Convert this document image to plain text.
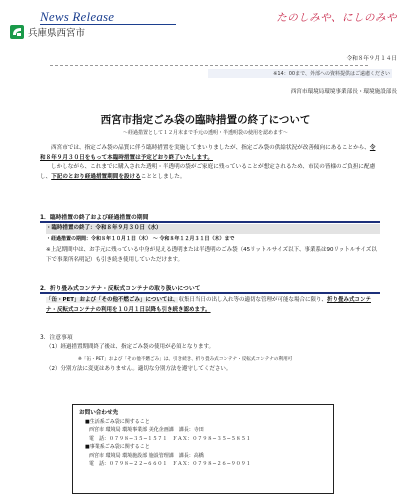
News Release
兵庫県西宮市
たのしみや、にしのみや
令和８年９月１４日
※14：00まで、外部への資料提供はご遠慮ください
西宮市環境局環境事業部長・環境施設部長
西宮市指定ごみ袋の臨時措置の終了について
～経過措置として１２月末まで手元の透明・半透明袋の使用を認めます～

西宮市では、指定ごみ袋の品質に伴う臨時措置を実施してまいりましたが、指定ごみ袋の供給状況が改善傾向にあることから、令和８年９月３０日をもって本臨時措置は予定どおり終了いたします。

しかしながら、これまでに購入された透明・半透明の袋がご家庭に残っていることが想定されるため、市民の皆様のご負担に配慮し、下記のとおり経過措置期間を設けることとしました。

1．臨時措置の終了および経過措置の期間
・臨時措置の終了：令和８年９月３０日（水）
・経過措置の期間：令和８年１０月１日（木） ～ 令和８年１２月３１日（木）まで
※上記期間中は、お手元に残っている中身が見える透明または半透明のごみ袋（45リットルサイズ以下、事業系は90リットルサイズ以下で事業所名明記）も引き続き使用していただけます。
2．折り畳み式コンテナ・反転式コンテナの取り扱いについて
「缶・PET」および「その他不燃ごみ」については、収集日当日の出し入れ等の適切な管理が可能な場合に限り、折り畳み式コンテナ・反転式コンテナの利用を１０月１日以降も引き続き認めます。
3．注意事項
（1）経過措置期間終了後は、指定ごみ袋の使用が必須となります。
※「缶・PET」および「その他不燃ごみ」は、引き続き、折り畳み式コンテナ・反転式コンテナの利用可
（2）分別方法に変更はありません。適切な分別方法を遵守してください。
お問い合わせ先
■生活系ごみ袋に関すること
西宮市 環境局 環境事業部 美化企画課　課長：寺田
電　話：０７９８−３５−１５７１　ＦＡＸ：０７９８−３５−５８５１
■事業系ごみ袋に関すること
西宮市 環境局 環境施設部 施設管理課　課長：高橋
電　話：０７９８−２２−６６０１　ＦＡＸ：０７９８−２６−９０９１
